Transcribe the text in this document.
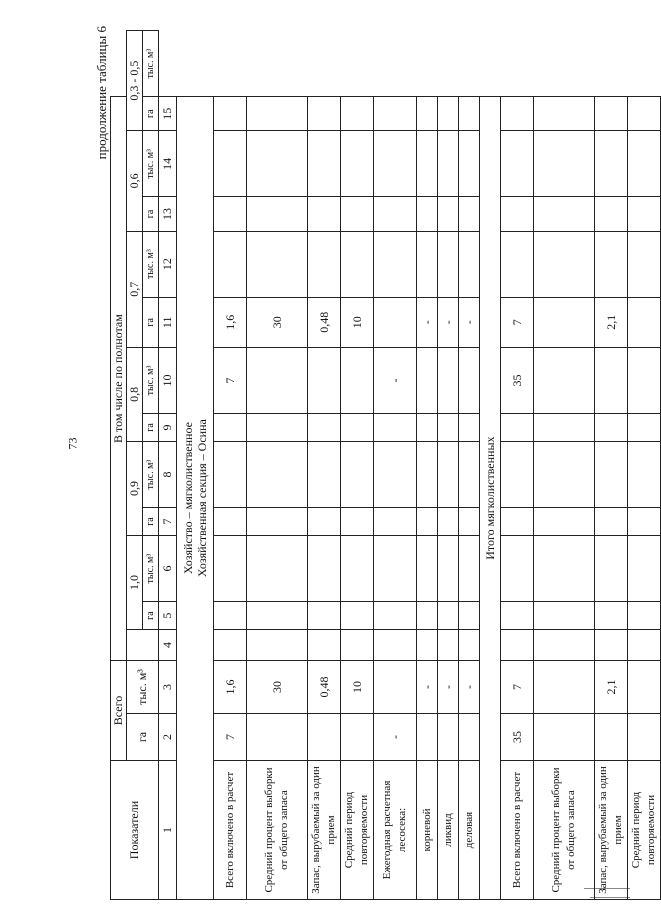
73
продолжение таблицы 6
Показатели	Всего		В том числе по полнотам												
	га	тыс. м³		1,0		0,9		0,8		0,7		0,6		0,3 - 0,5	
				га	тыс. м³	га	тыс. м³	га	тыс. м³	га	тыс. м³	га	тыс. м³	га	тыс. м³
1	2	3	4	5	6	7	8	9	10	11	12	13	14	15	
Хозяйство – мягколиственное
Хозяйственная секция – Осина															
Всего включено в расчет	7	1,6							7	1,6					
Средний процент выборки от общего запаса		30								30					
Запас, вырубаемый за один прием		0,48								0,48					
Средний период повторяемости		10								10					
Ежегодная расчетная лесосека:	-								-						
корневой		-								-					
ликвид		-								-					
деловая		-								-					
Итого мягколиственных															
Всего включено в расчет	35	7							35	7					
Средний процент выборки от общего запаса															
Запас, вырубаемый за один прием		2,1								2,1					
Средний период повторяемости															
